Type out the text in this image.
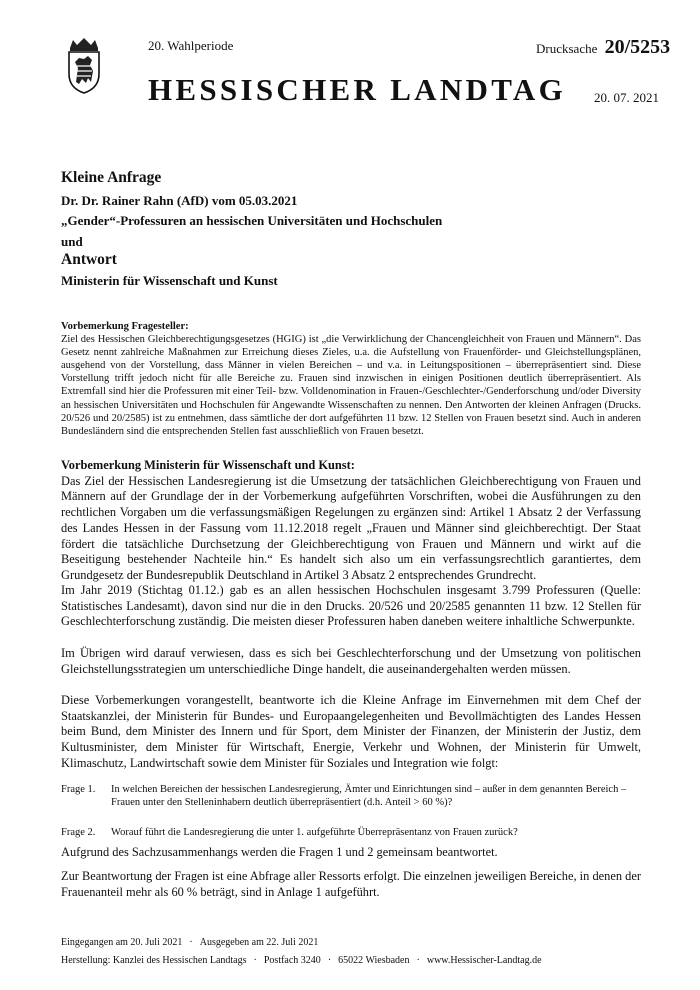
20. Wahlperiode	Drucksache 20/5253
HESSISCHER LANDTAG 20. 07. 2021
Kleine Anfrage
Dr. Dr. Rainer Rahn (AfD) vom 05.03.2021
„Gender“-Professuren an hessischen Universitäten und Hochschulen
und
Antwort
Ministerin für Wissenschaft und Kunst

Vorbemerkung Fragesteller:

Ziel des Hessischen Gleichberechtigungsgesetzes (HGIG) ist „die Verwirklichung der Chancengleichheit von Frauen und Männern“. Das Gesetz nennt zahlreiche Maßnahmen zur Erreichung dieses Zieles, u.a. die Aufstellung von Frauenförder- und Gleichstellungsplänen, ausgehend von der Vorstellung, dass Männer in vielen Bereichen – und v.a. in Leitungspositionen – überrepräsentiert sind. Diese Vorstellung trifft jedoch nicht für alle Bereiche zu. Frauen sind inzwischen in einigen Positionen deutlich überrepräsentiert. Als Extremfall sind hier die Professuren mit einer Teil- bzw. Volldenomination in Frauen-/Geschlechter-/Genderforschung und/oder Diversity an hessischen Universitäten und Hochschulen für Angewandte Wissenschaften zu nennen. Den Antworten der kleinen Anfragen (Drucks. 20/526 und 20/2585) ist zu entnehmen, dass sämtliche der dort aufgeführten 11 bzw. 12 Stellen von Frauen besetzt sind. Auch in anderen Bundesländern sind die entsprechenden Stellen fast ausschließlich von Frauen besetzt.

Vorbemerkung Ministerin für Wissenschaft und Kunst:

Das Ziel der Hessischen Landesregierung ist die Umsetzung der tatsächlichen Gleichberechtigung von Frauen und Männern auf der Grundlage der in der Vorbemerkung aufgeführten Vorschriften, wobei die Ausführungen zu den rechtlichen Vorgaben um die verfassungsmäßigen Regelungen zu ergänzen sind: Artikel 1 Absatz 2 der Verfassung des Landes Hessen in der Fassung vom 11.12.2018 regelt „Frauen und Männer sind gleichberechtigt. Der Staat fördert die tatsächliche Durchsetzung der Gleichberechtigung von Frauen und Männern und wirkt auf die Beseitigung bestehender Nachteile hin.“ Es handelt sich also um ein verfassungsrechtlich garantiertes, dem Grundgesetz der Bundesrepublik Deutschland in Artikel 3 Absatz 2 entsprechendes Grundrecht.

Im Jahr 2019 (Stichtag 01.12.) gab es an allen hessischen Hochschulen insgesamt 3.799 Professuren (Quelle: Statistisches Landesamt), davon sind nur die in den Drucks. 20/526 und 20/2585 genannten 11 bzw. 12 Stellen für Geschlechterforschung zuständig. Die meisten dieser Professuren haben daneben weitere inhaltliche Schwerpunkte.

Im Übrigen wird darauf verwiesen, dass es sich bei Geschlechterforschung und der Umsetzung von politischen Gleichstellungsstrategien um unterschiedliche Dinge handelt, die auseinandergehalten werden müssen.

Diese Vorbemerkungen vorangestellt, beantworte ich die Kleine Anfrage im Einvernehmen mit dem Chef der Staatskanzlei, der Ministerin für Bundes- und Europaangelegenheiten und Bevollmächtigten des Landes Hessen beim Bund, dem Minister des Innern und für Sport, dem Minister der Finanzen, der Ministerin der Justiz, dem Kultusminister, dem Minister für Wirtschaft, Energie, Verkehr und Wohnen, der Ministerin für Umwelt, Klimaschutz, Landwirtschaft sowie dem Minister für Soziales und Integration wie folgt:

Frage 1. In welchen Bereichen der hessischen Landesregierung, Ämter und Einrichtungen sind – außer in dem genannten Bereich – Frauen unter den Stelleninhabern deutlich überrepräsentiert (d.h. Anteil > 60 %)?
Frage 2. Worauf führt die Landesregierung die unter 1. aufgeführte Überrepräsentanz von Frauen zurück?

Aufgrund des Sachzusammenhangs werden die Fragen 1 und 2 gemeinsam beantwortet.

Zur Beantwortung der Fragen ist eine Abfrage aller Ressorts erfolgt. Die einzelnen jeweiligen Bereiche, in denen der Frauenanteil mehr als 60 % beträgt, sind in Anlage 1 aufgeführt.

Eingegangen am 20. Juli 2021 · Ausgegeben am 22. Juli 2021
Herstellung: Kanzlei des Hessischen Landtags · Postfach 3240 · 65022 Wiesbaden · www.Hessischer-Landtag.de
